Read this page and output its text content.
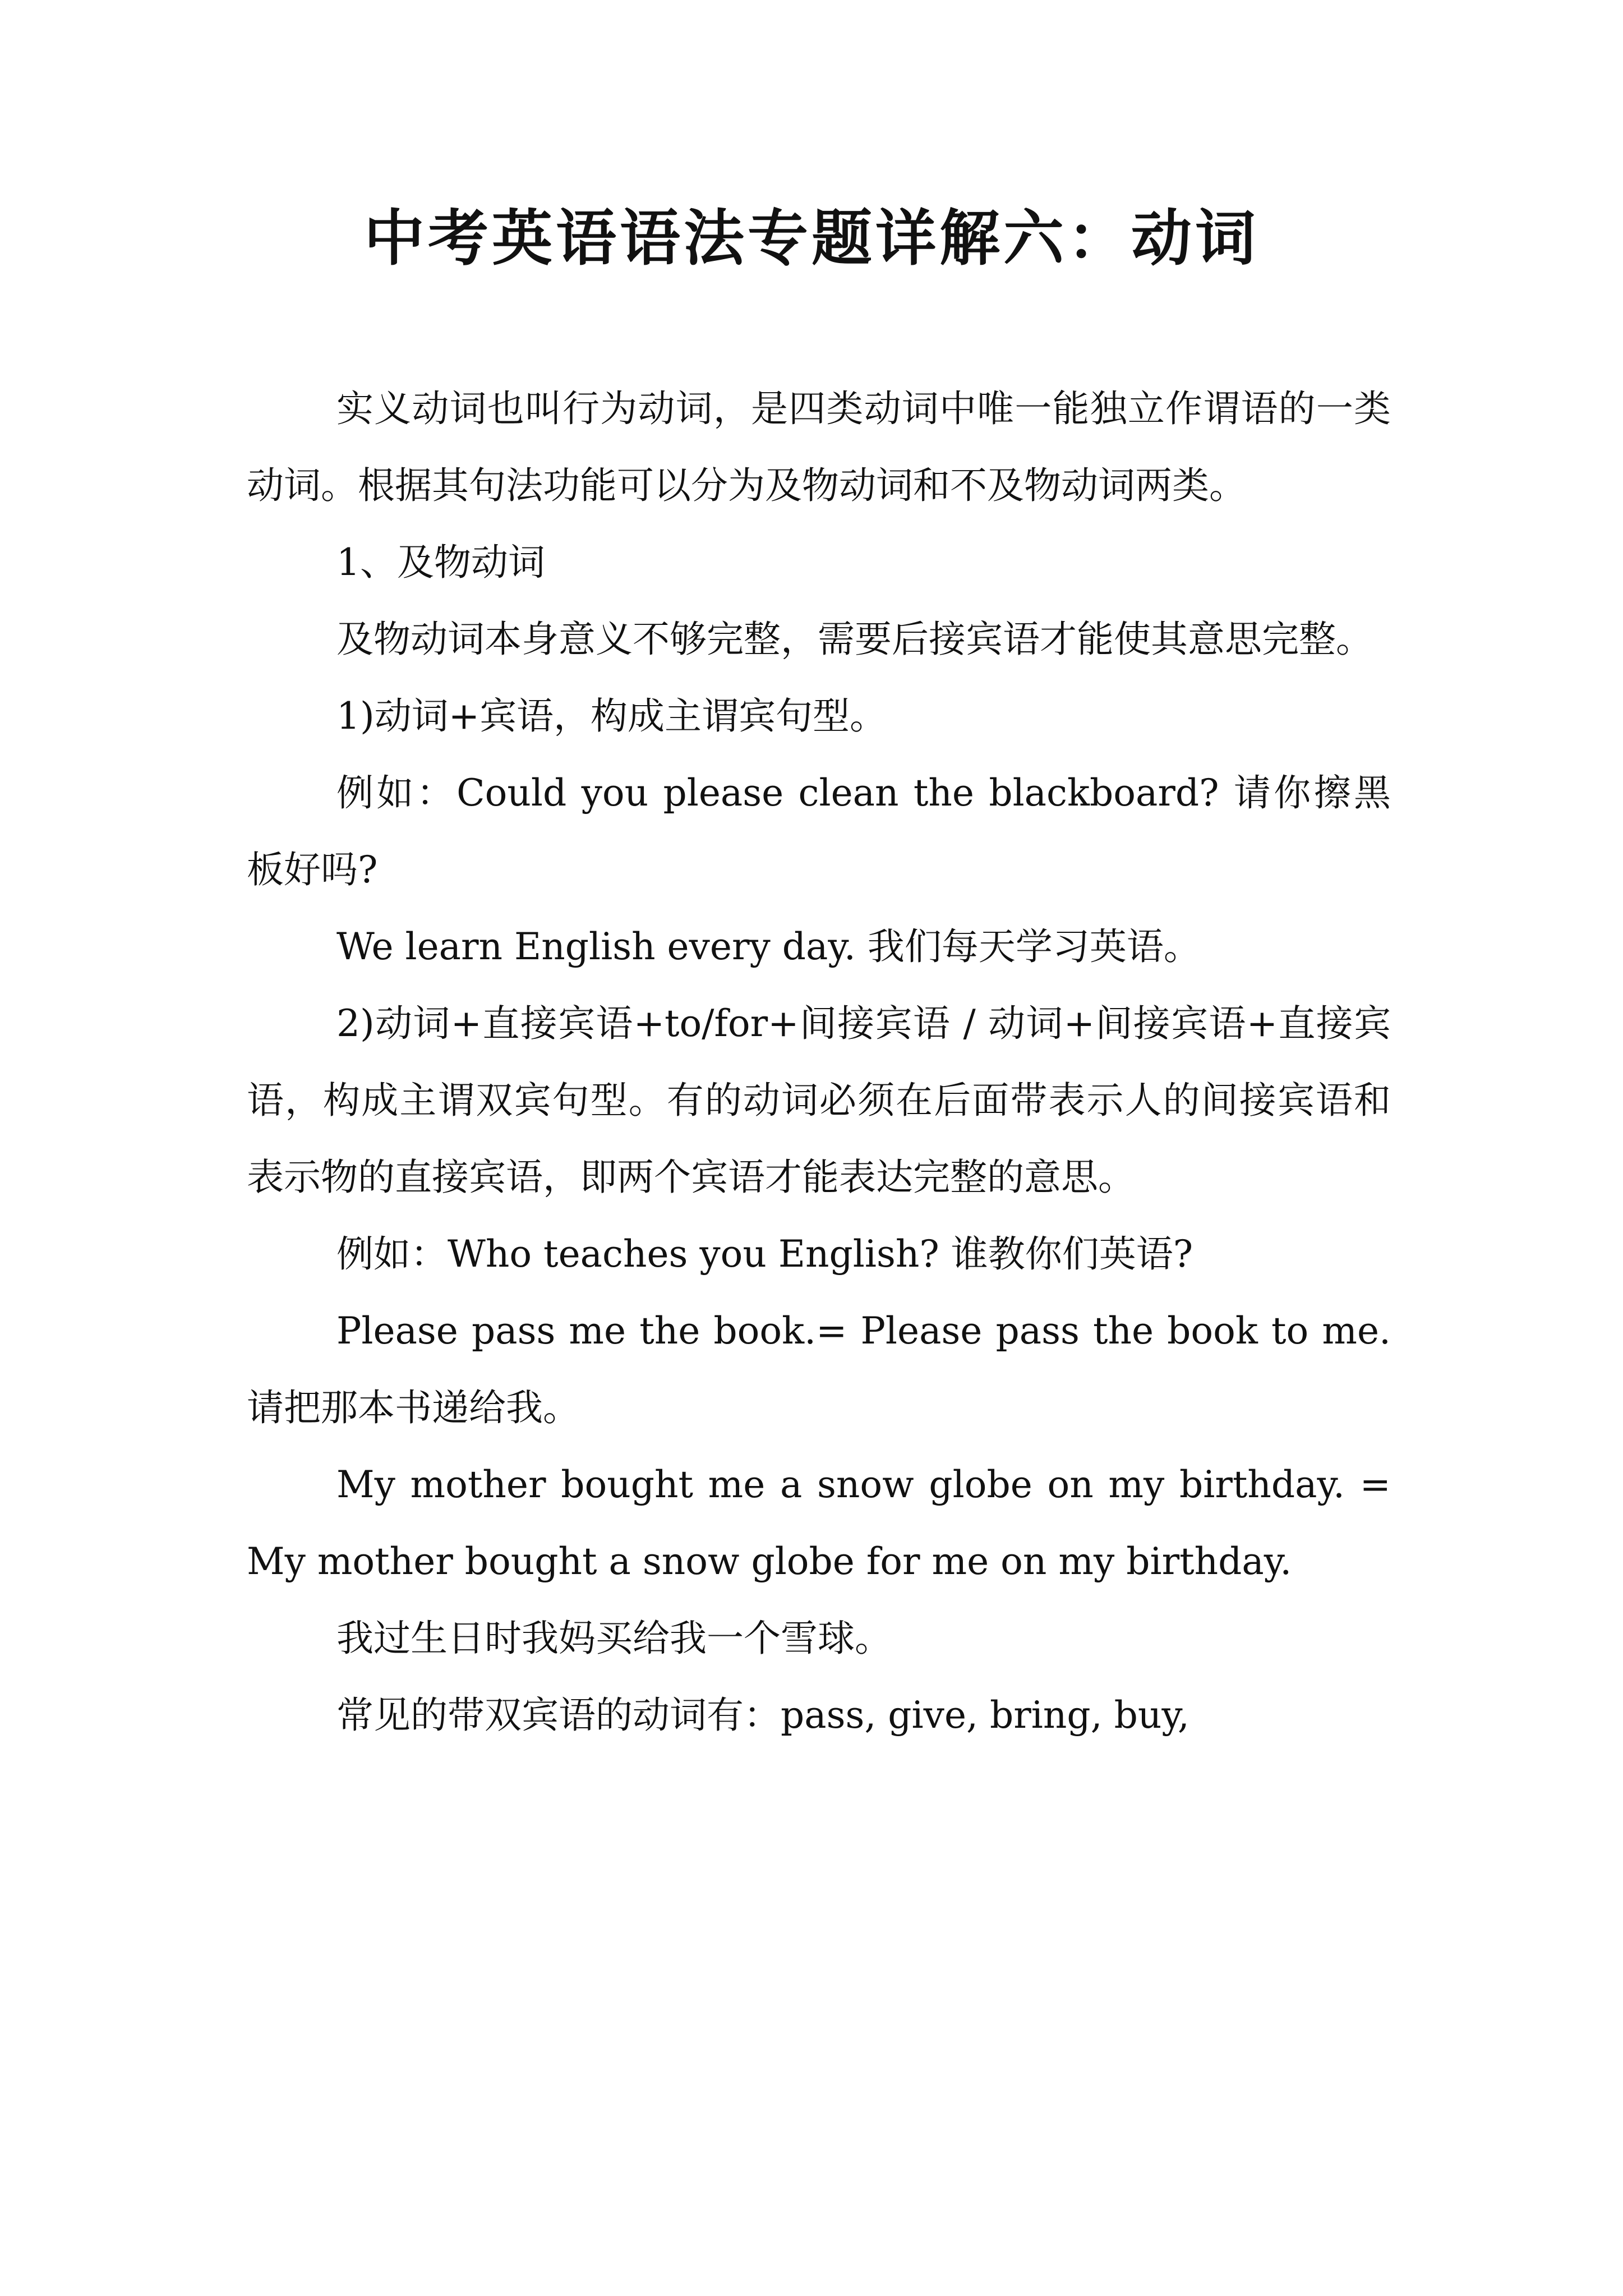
中考英语语法专题详解六：动词

实义动词也叫行为动词，是四类动词中唯一能独立作谓语的一类动词。根据其句法功能可以分为及物动词和不及物动词两类。

1、及物动词

及物动词本身意义不够完整，需要后接宾语才能使其意思完整。

1)动词+宾语，构成主谓宾句型。

例如：Could you please clean the blackboard? 请你擦黑板好吗?

We learn English every day. 我们每天学习英语。

2)动词+直接宾语+to/for+间接宾语 / 动词+间接宾语+直接宾语，构成主谓双宾句型。有的动词必须在后面带表示人的间接宾语和表示物的直接宾语，即两个宾语才能表达完整的意思。

例如：Who teaches you English? 谁教你们英语?

Please pass me the book.= Please pass the book to me.请把那本书递给我。

My mother bought me a snow globe on my birthday. = My mother bought a snow globe for me on my birthday.

我过生日时我妈买给我一个雪球。

常见的带双宾语的动词有：pass, give, bring, buy,
